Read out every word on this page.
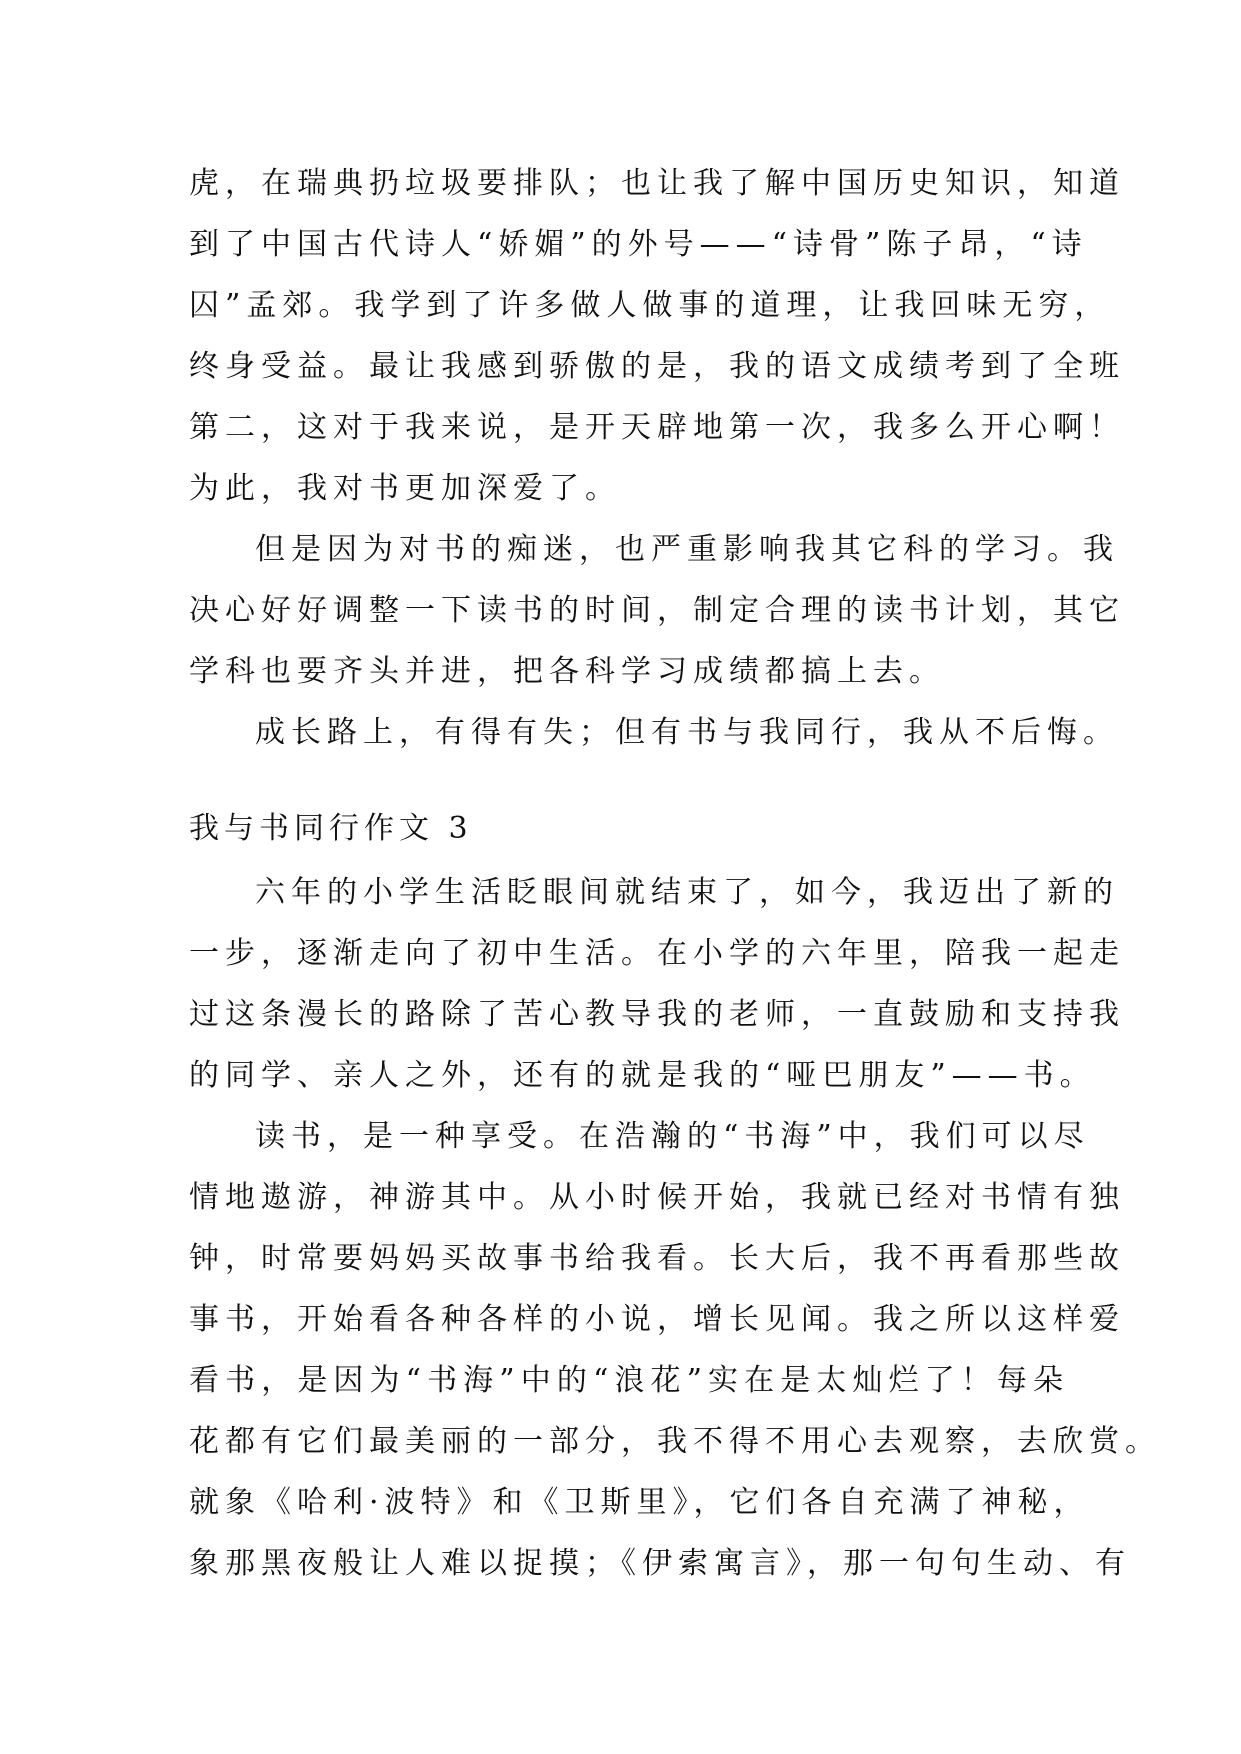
虎，在瑞典扔垃圾要排队；也让我了解中国历史知识，知道
到了中国古代诗人“娇媚”的外号——“诗骨”陈子昂，“诗
囚”孟郊。我学到了许多做人做事的道理，让我回味无穷，
终身受益。最让我感到骄傲的是，我的语文成绩考到了全班
第二，这对于我来说，是开天辟地第一次，我多么开心啊！
为此，我对书更加深爱了。
但是因为对书的痴迷，也严重影响我其它科的学习。我
决心好好调整一下读书的时间，制定合理的读书计划，其它
学科也要齐头并进，把各科学习成绩都搞上去。
成长路上，有得有失；但有书与我同行，我从不后悔。
我与书同行作文 3
六年的小学生活眨眼间就结束了，如今，我迈出了新的
一步，逐渐走向了初中生活。在小学的六年里，陪我一起走
过这条漫长的路除了苦心教导我的老师，一直鼓励和支持我
的同学、亲人之外，还有的就是我的“哑巴朋友”——书。
读书，是一种享受。在浩瀚的“书海”中，我们可以尽
情地遨游，神游其中。从小时候开始，我就已经对书情有独
钟，时常要妈妈买故事书给我看。长大后，我不再看那些故
事书，开始看各种各样的小说，增长见闻。我之所以这样爱
看书，是因为“书海”中的“浪花”实在是太灿烂了！每朵
花都有它们最美丽的一部分，我不得不用心去观察，去欣赏。
就象《哈利·波特》和《卫斯里》，它们各自充满了神秘，
象那黑夜般让人难以捉摸；《伊索寓言》，那一句句生动、有
